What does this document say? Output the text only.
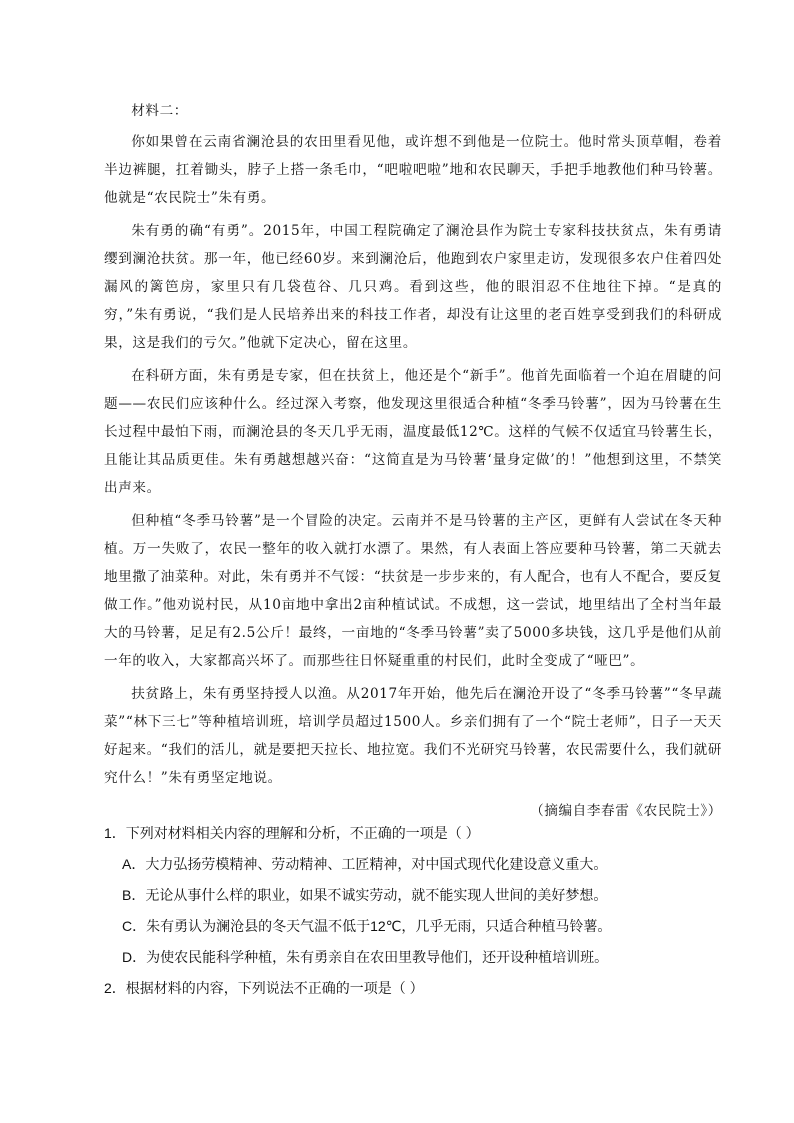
材料二：

你如果曾在云南省澜沧县的农田里看见他，或许想不到他是一位院士。他时常头顶草帽，卷着半边裤腿，扛着锄头，脖子上搭一条毛巾，“吧啦吧啦”地和农民聊天，手把手地教他们种马铃薯。他就是“农民院士”朱有勇。

朱有勇的确“有勇”。2015年，中国工程院确定了澜沧县作为院士专家科技扶贫点，朱有勇请缨到澜沧扶贫。那一年，他已经60岁。来到澜沧后，他跑到农户家里走访，发现很多农户住着四处漏风的篱笆房，家里只有几袋苞谷、几只鸡。看到这些，他的眼泪忍不住地往下掉。“是真的穷，”朱有勇说，“我们是人民培养出来的科技工作者，却没有让这里的老百姓享受到我们的科研成果，这是我们的亏欠。”他就下定决心，留在这里。

在科研方面，朱有勇是专家，但在扶贫上，他还是个“新手”。他首先面临着一个迫在眉睫的问题——农民们应该种什么。经过深入考察，他发现这里很适合种植“冬季马铃薯”，因为马铃薯在生长过程中最怕下雨，而澜沧县的冬天几乎无雨，温度最低12℃。这样的气候不仅适宜马铃薯生长，且能让其品质更佳。朱有勇越想越兴奋：“这简直是为马铃薯‘量身定做’的！”他想到这里，不禁笑出声来。

但种植“冬季马铃薯”是一个冒险的决定。云南并不是马铃薯的主产区，更鲜有人尝试在冬天种植。万一失败了，农民一整年的收入就打水漂了。果然，有人表面上答应要种马铃薯，第二天就去地里撒了油菜种。对此，朱有勇并不气馁：“扶贫是一步步来的，有人配合，也有人不配合，要反复做工作。”他劝说村民，从10亩地中拿出2亩种植试试。不成想，这一尝试，地里结出了全村当年最大的马铃薯，足足有2.5公斤！最终，一亩地的“冬季马铃薯”卖了5000多块钱，这几乎是他们从前一年的收入，大家都高兴坏了。而那些往日怀疑重重的村民们，此时全变成了“哑巴”。

扶贫路上，朱有勇坚持授人以渔。从2017年开始，他先后在澜沧开设了“冬季马铃薯”“冬早蔬菜”“林下三七”等种植培训班，培训学员超过1500人。乡亲们拥有了一个“院士老师”，日子一天天好起来。“我们的活儿，就是要把天拉长、地拉宽。我们不光研究马铃薯，农民需要什么，我们就研究什么！”朱有勇坚定地说。

（摘编自李春雷《农民院士》）

1．下列对材料相关内容的理解和分析，不正确的一项是（ ）

A．大力弘扬劳模精神、劳动精神、工匠精神，对中国式现代化建设意义重大。

B．无论从事什么样的职业，如果不诚实劳动，就不能实现人世间的美好梦想。

C．朱有勇认为澜沧县的冬天气温不低于12℃，几乎无雨，只适合种植马铃薯。

D．为使农民能科学种植，朱有勇亲自在农田里教导他们，还开设种植培训班。

2．根据材料的内容，下列说法不正确的一项是（ ）
